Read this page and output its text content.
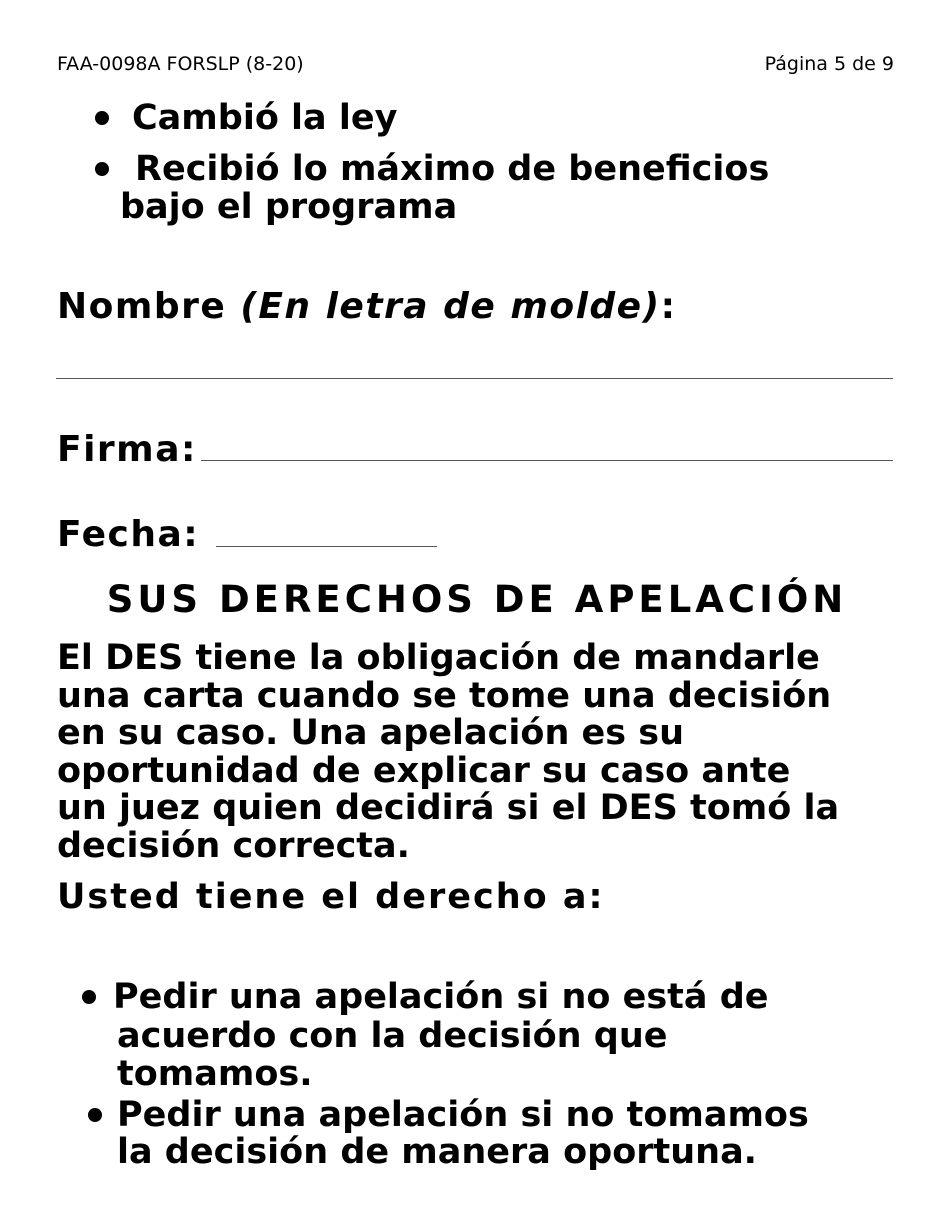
FAA-0098A FORSLP (8-20)	Página 5 de 9
Cambió la ley
Recibió lo máximo de beneficios
bajo el programa
Nombre (En letra de molde):
Firma:
Fecha:
SUS DERECHOS DE APELACIÓN
El DES tiene la obligación de mandarle
una carta cuando se tome una decisión
en su caso. Una apelación es su
oportunidad de explicar su caso ante
un juez quien decidirá si el DES tomó la
decisión correcta.
Usted tiene el derecho a:
Pedir una apelación si no está de
acuerdo con la decisión que
tomamos.
Pedir una apelación si no tomamos
la decisión de manera oportuna.
